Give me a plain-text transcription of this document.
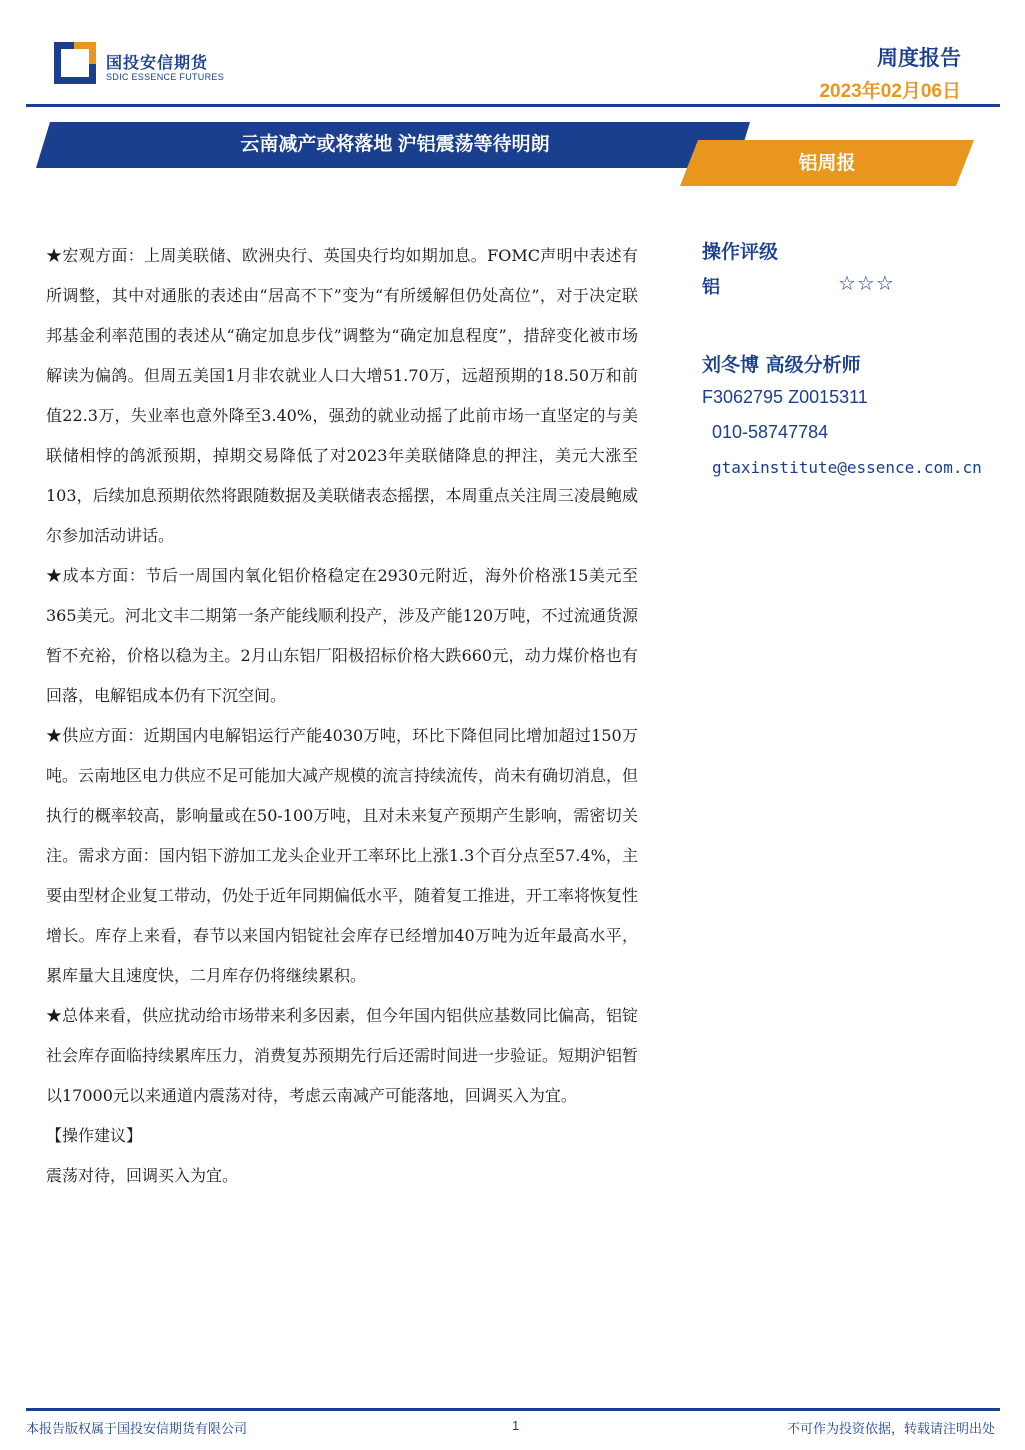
国投安信期货
SDIC ESSENCE FUTURES
周度报告
2023年02月06日
云南减产或将落地 沪铝震荡等待明朗
铝周报

★宏观方面：上周美联储、欧洲央行、英国央行均如期加息。FOMC声明中表述有所调整，其中对通胀的表述由“居高不下”变为“有所缓解但仍处高位”，对于决定联邦基金利率范围的表述从“确定加息步伐”调整为“确定加息程度”，措辞变化被市场解读为偏鸽。但周五美国1月非农就业人口大增51.70万，远超预期的18.50万和前值22.3万，失业率也意外降至3.40%，强劲的就业动摇了此前市场一直坚定的与美联储相悖的鸽派预期，掉期交易降低了对2023年美联储降息的押注，美元大涨至103，后续加息预期依然将跟随数据及美联储表态摇摆，本周重点关注周三凌晨鲍威尔参加活动讲话。

★成本方面：节后一周国内氧化铝价格稳定在2930元附近，海外价格涨15美元至365美元。河北文丰二期第一条产能线顺利投产，涉及产能120万吨，不过流通货源暂不充裕，价格以稳为主。2月山东铝厂阳极招标价格大跌660元，动力煤价格也有回落，电解铝成本仍有下沉空间。

★供应方面：近期国内电解铝运行产能4030万吨，环比下降但同比增加超过150万吨。云南地区电力供应不足可能加大减产规模的流言持续流传，尚未有确切消息，但执行的概率较高，影响量或在50-100万吨，且对未来复产预期产生影响，需密切关注。需求方面：国内铝下游加工龙头企业开工率环比上涨1.3个百分点至57.4%，主要由型材企业复工带动，仍处于近年同期偏低水平，随着复工推进，开工率将恢复性增长。库存上来看，春节以来国内铝锭社会库存已经增加40万吨为近年最高水平，累库量大且速度快，二月库存仍将继续累积。

★总体来看，供应扰动给市场带来利多因素，但今年国内铝供应基数同比偏高，铝锭社会库存面临持续累库压力，消费复苏预期先行后还需时间进一步验证。短期沪铝暂以17000元以来通道内震荡对待，考虑云南减产可能落地，回调买入为宜。

【操作建议】

震荡对待，回调买入为宜。

操作评级
铝	☆☆☆
刘冬博 高级分析师
F3062795 Z0015311
010-58747784
gtaxinstitute@essence.com.cn
本报告版权属于国投安信期货有限公司	1	不可作为投资依据，转载请注明出处
